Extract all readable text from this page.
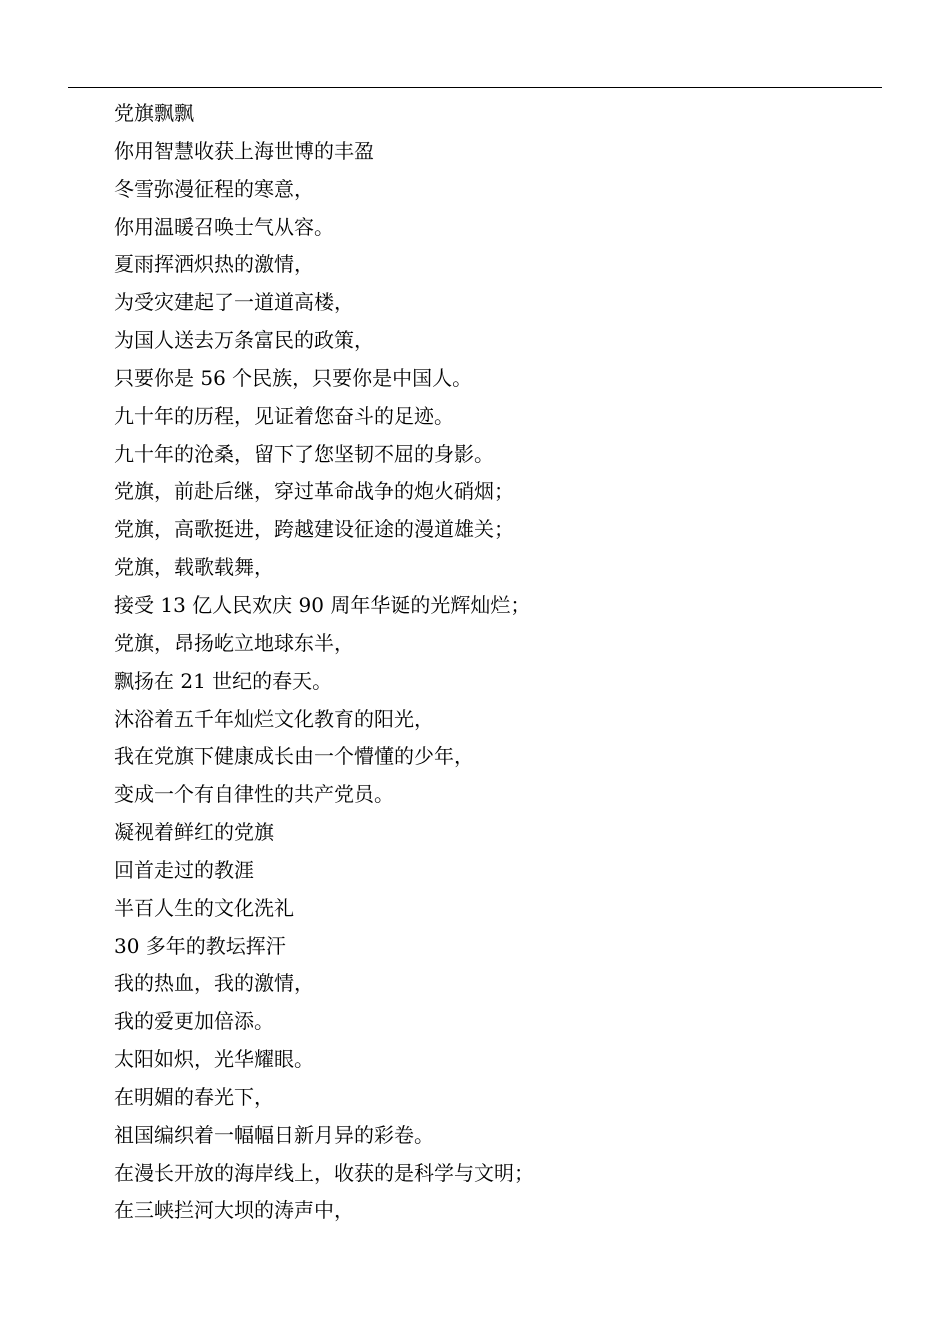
党旗飘飘
你用智慧收获上海世博的丰盈
冬雪弥漫征程的寒意，
你用温暖召唤士气从容。
夏雨挥洒炽热的激情，
为受灾建起了一道道高楼，
为国人送去万条富民的政策，
只要你是 56 个民族，只要你是中国人。
九十年的历程，见证着您奋斗的足迹。
九十年的沧桑，留下了您坚韧不屈的身影。
党旗，前赴后继，穿过革命战争的炮火硝烟；
党旗，高歌挺进，跨越建设征途的漫道雄关；
党旗，载歌载舞，
接受 13 亿人民欢庆 90 周年华诞的光辉灿烂；
党旗，昂扬屹立地球东半，
飘扬在 21 世纪的春天。
沐浴着五千年灿烂文化教育的阳光，
我在党旗下健康成长由一个懵懂的少年，
变成一个有自律性的共产党员。
凝视着鲜红的党旗
回首走过的教涯
半百人生的文化洗礼
30 多年的教坛挥汗
我的热血，我的激情，
我的爱更加倍添。
太阳如炽，光华耀眼。
在明媚的春光下，
祖国编织着一幅幅日新月异的彩卷。
在漫长开放的海岸线上，收获的是科学与文明；
在三峡拦河大坝的涛声中，
